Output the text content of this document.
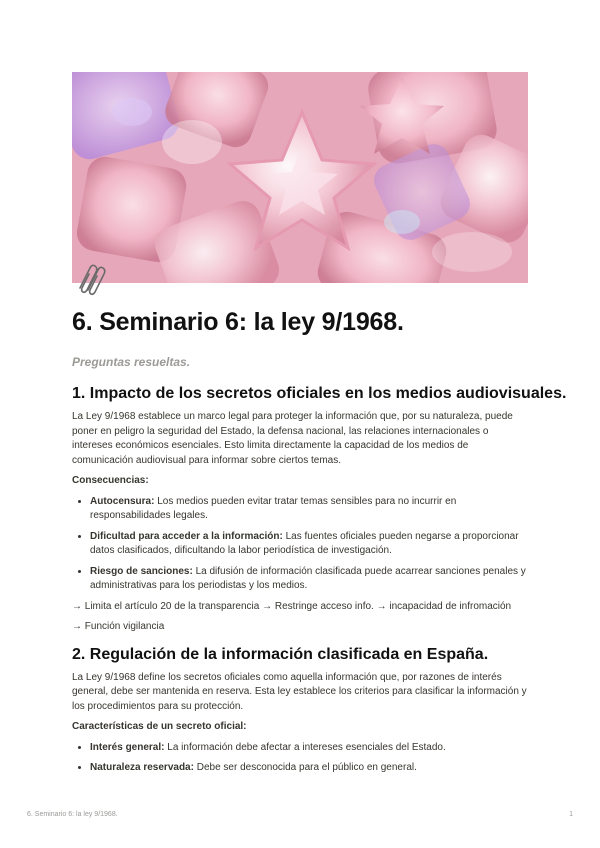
6. Seminario 6: la ley 9/1968.
Preguntas resueltas.
1. Impacto de los secretos oficiales en los medios audiovisuales.

La Ley 9/1968 establece un marco legal para proteger la información que, por su naturaleza, puede poner en peligro la seguridad del Estado, la defensa nacional, las relaciones internacionales o intereses económicos esenciales. Esto limita directamente la capacidad de los medios de comunicación audiovisual para informar sobre ciertos temas.

Consecuencias:
• Autocensura: Los medios pueden evitar tratar temas sensibles para no incurrir en responsabilidades legales.
• Dificultad para acceder a la información: Las fuentes oficiales pueden negarse a proporcionar datos clasificados, dificultando la labor periodística de investigación.
• Riesgo de sanciones: La difusión de información clasificada puede acarrear sanciones penales y administrativas para los periodistas y los medios.

→ Limita el artículo 20 de la transparencia → Restringe acceso info. → incapacidad de infromación

→ Función vigilancia

2. Regulación de la información clasificada en España.

La Ley 9/1968 define los secretos oficiales como aquella información que, por razones de interés general, debe ser mantenida en reserva. Esta ley establece los criterios para clasificar la información y los procedimientos para su protección.

Características de un secreto oficial:
• Interés general: La información debe afectar a intereses esenciales del Estado.
• Naturaleza reservada: Debe ser desconocida para el público en general.
6. Seminario 6: la ley 9/1968.	1
